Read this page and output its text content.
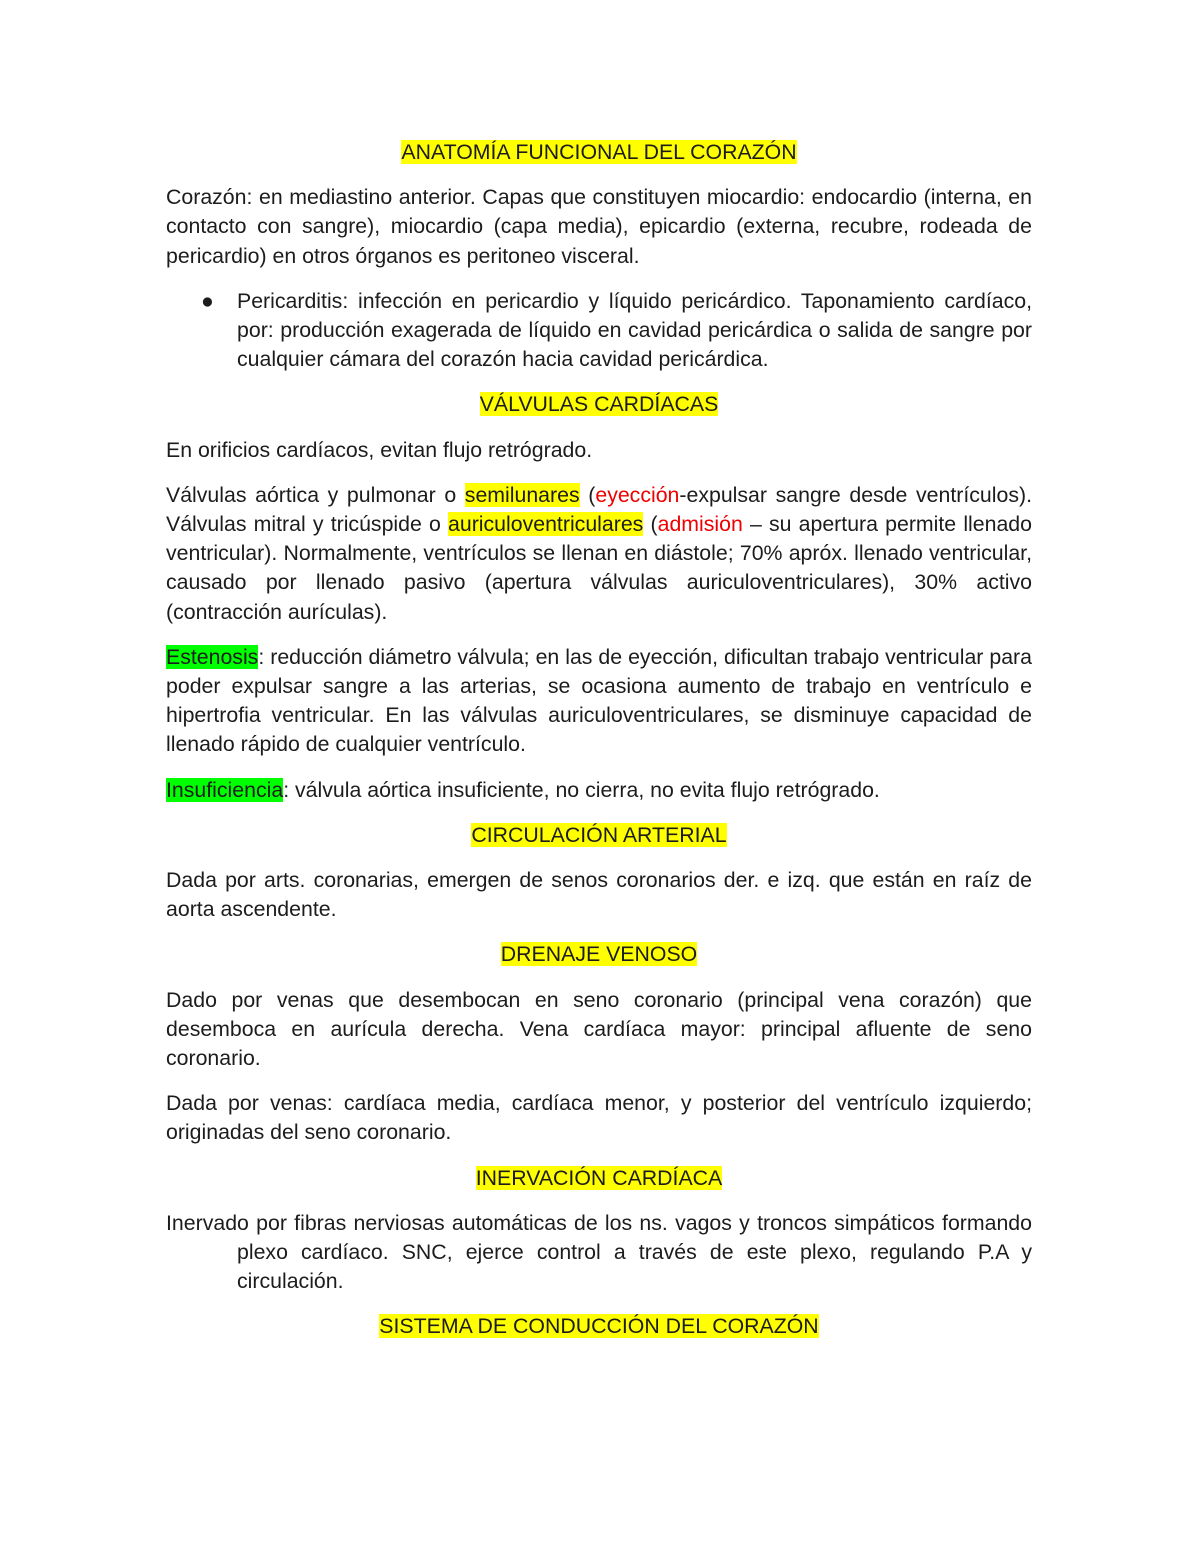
ANATOMÍA FUNCIONAL DEL CORAZÓN

Corazón: en mediastino anterior. Capas que constituyen miocardio: endocardio (interna, en contacto con sangre), miocardio (capa media), epicardio (externa, recubre, rodeada de pericardio) en otros órganos es peritoneo visceral.

● Pericarditis: infección en pericardio y líquido pericárdico. Taponamiento cardíaco, por: producción exagerada de líquido en cavidad pericárdica o salida de sangre por cualquier cámara del corazón hacia cavidad pericárdica.

VÁLVULAS CARDÍACAS

En orificios cardíacos, evitan flujo retrógrado.

Válvulas aórtica y pulmonar o semilunares (eyección-expulsar sangre desde ventrículos). Válvulas mitral y tricúspide o auriculoventriculares (admisión – su apertura permite llenado ventricular). Normalmente, ventrículos se llenan en diástole; 70% apróx. llenado ventricular, causado por llenado pasivo (apertura válvulas auriculoventriculares), 30% activo (contracción aurículas).

Estenosis: reducción diámetro válvula; en las de eyección, dificultan trabajo ventricular para poder expulsar sangre a las arterias, se ocasiona aumento de trabajo en ventrículo e hipertrofia ventricular. En las válvulas auriculoventriculares, se disminuye capacidad de llenado rápido de cualquier ventrículo.

Insuficiencia: válvula aórtica insuficiente, no cierra, no evita flujo retrógrado.

CIRCULACIÓN ARTERIAL

Dada por arts. coronarias, emergen de senos coronarios der. e izq. que están en raíz de aorta ascendente.

DRENAJE VENOSO

Dado por venas que desembocan en seno coronario (principal vena corazón) que desemboca en aurícula derecha. Vena cardíaca mayor: principal afluente de seno coronario.

Dada por venas: cardíaca media, cardíaca menor, y posterior del ventrículo izquierdo; originadas del seno coronario.

INERVACIÓN CARDÍACA

Inervado por fibras nerviosas automáticas de los ns. vagos y troncos simpáticos formando plexo cardíaco. SNC, ejerce control a través de este plexo, regulando P.A y circulación.

SISTEMA DE CONDUCCIÓN DEL CORAZÓN
